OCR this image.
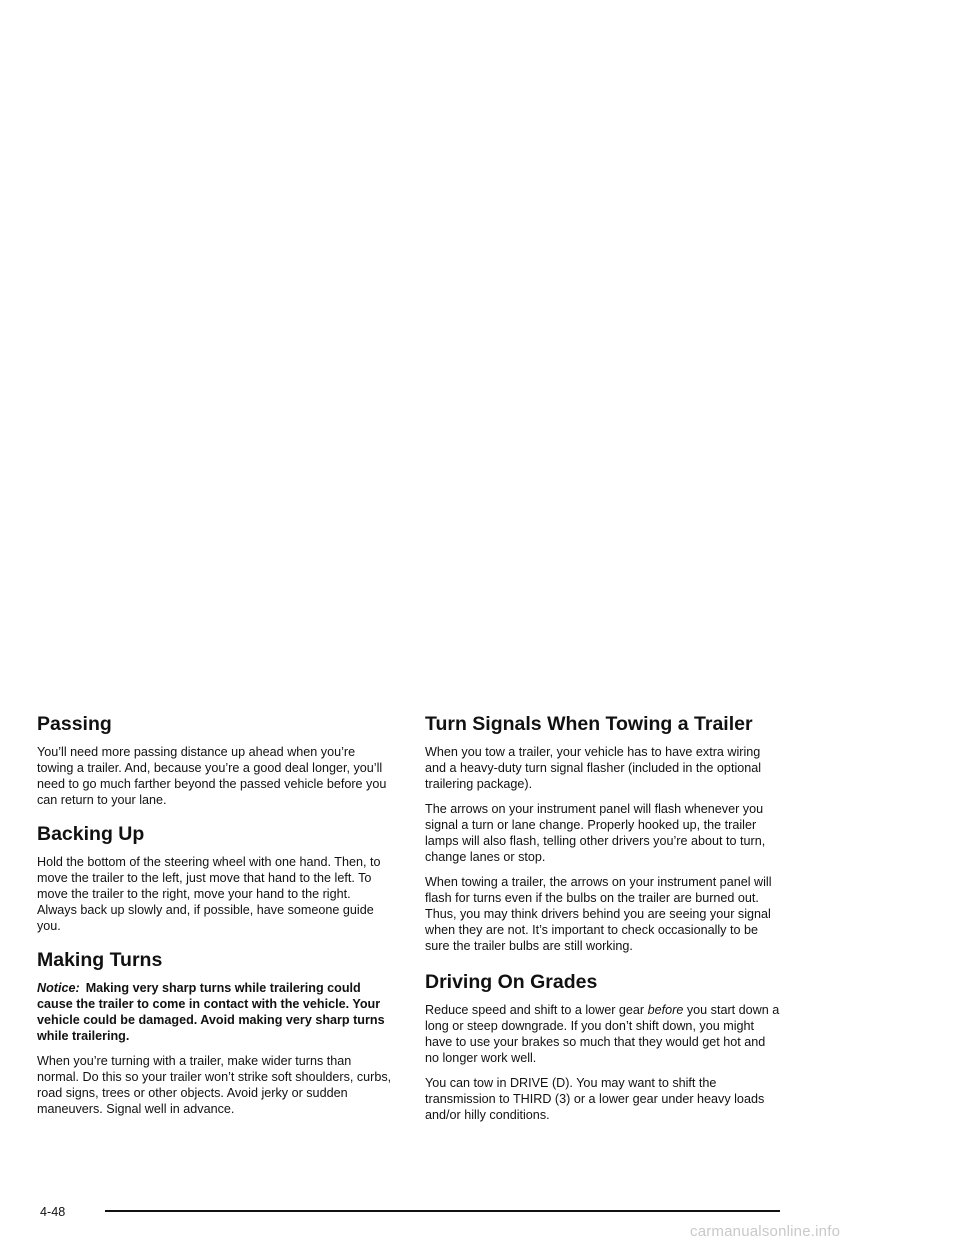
Passing

You’ll need more passing distance up ahead when you’re towing a trailer. And, because you’re a good deal longer, you’ll need to go much farther beyond the passed vehicle before you can return to your lane.

Backing Up

Hold the bottom of the steering wheel with one hand. Then, to move the trailer to the left, just move that hand to the left. To move the trailer to the right, move your hand to the right. Always back up slowly and, if possible, have someone guide you.

Making Turns

Notice: Making very sharp turns while trailering could cause the trailer to come in contact with the vehicle. Your vehicle could be damaged. Avoid making very sharp turns while trailering.

When you’re turning with a trailer, make wider turns than normal. Do this so your trailer won’t strike soft shoulders, curbs, road signs, trees or other objects. Avoid jerky or sudden maneuvers. Signal well in advance.

Turn Signals When Towing a Trailer

When you tow a trailer, your vehicle has to have extra wiring and a heavy-duty turn signal flasher (included in the optional trailering package).

The arrows on your instrument panel will flash whenever you signal a turn or lane change. Properly hooked up, the trailer lamps will also flash, telling other drivers you’re about to turn, change lanes or stop.

When towing a trailer, the arrows on your instrument panel will flash for turns even if the bulbs on the trailer are burned out. Thus, you may think drivers behind you are seeing your signal when they are not. It’s important to check occasionally to be sure the trailer bulbs are still working.

Driving On Grades

Reduce speed and shift to a lower gear before you start down a long or steep downgrade. If you don’t shift down, you might have to use your brakes so much that they would get hot and no longer work well.

You can tow in DRIVE (D). You may want to shift the transmission to THIRD (3) or a lower gear under heavy loads and/or hilly conditions.

4-48
carmanualsonline.info
